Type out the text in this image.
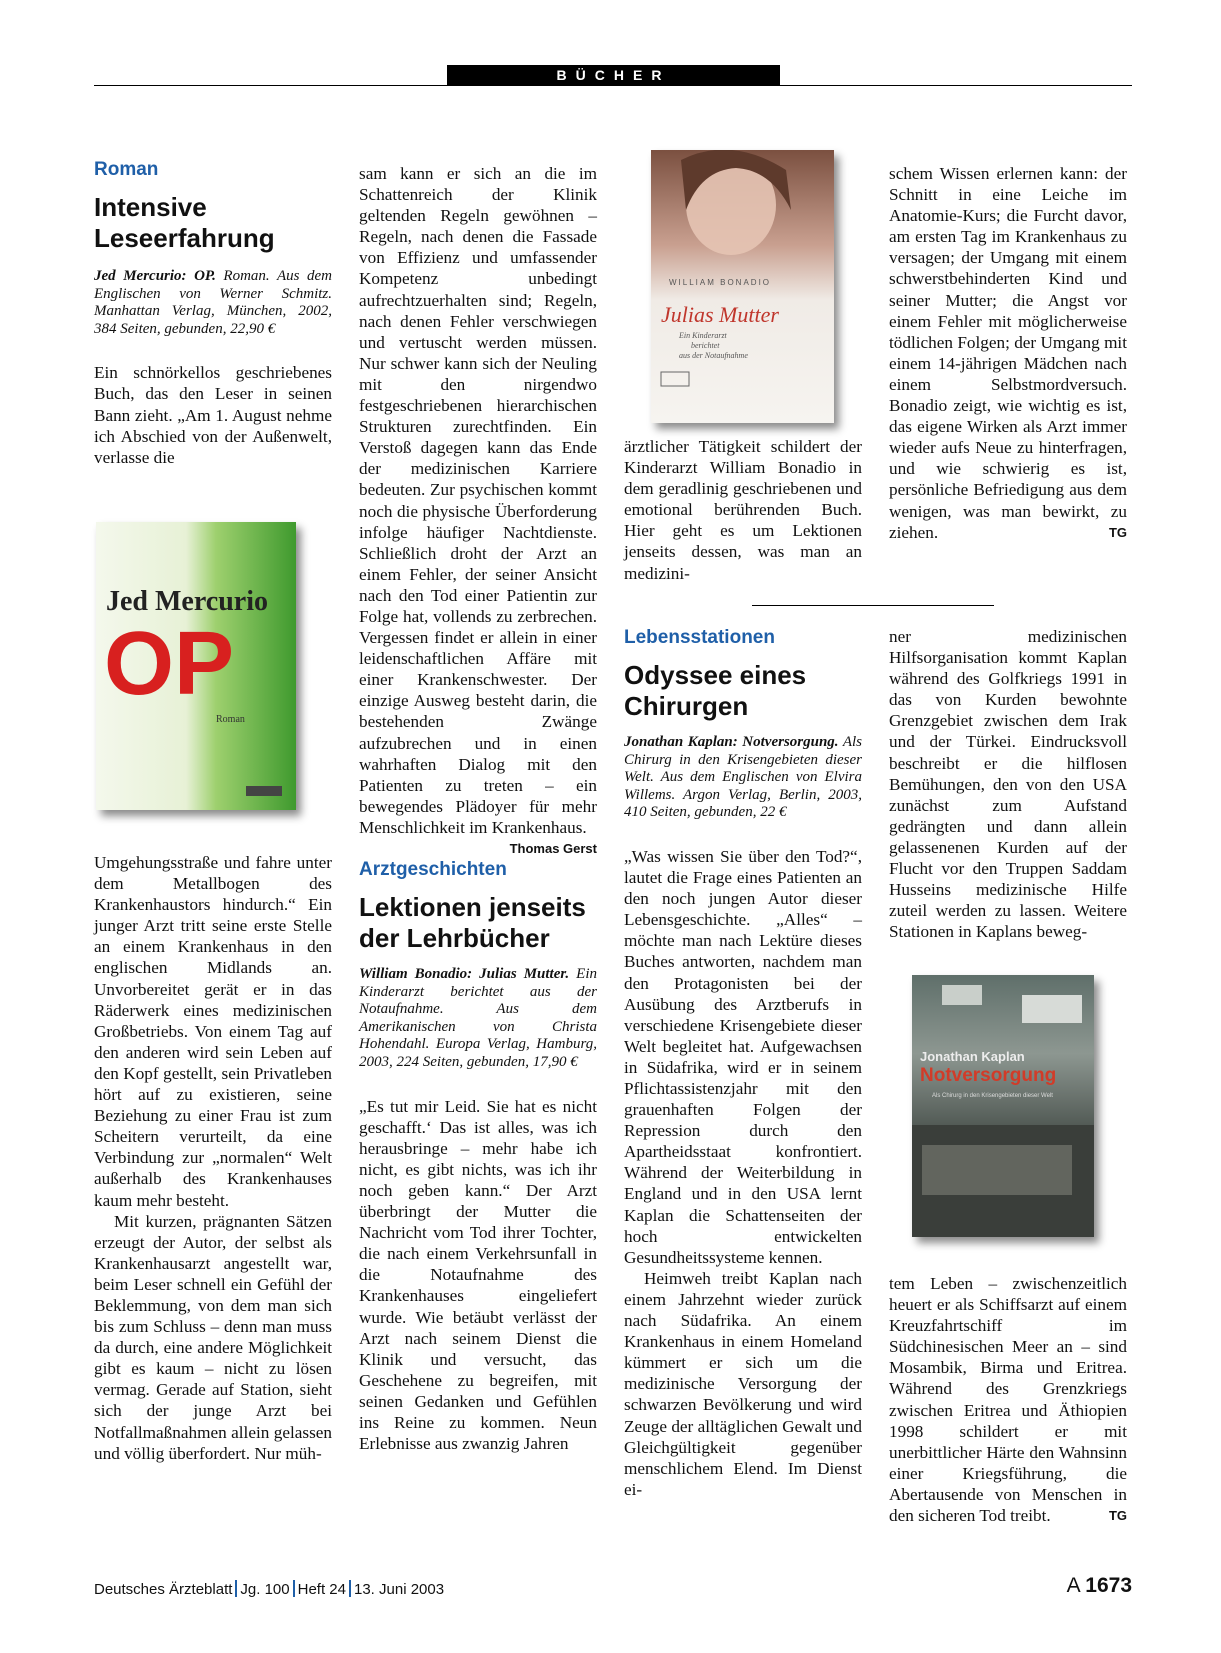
BÜCHER
Roman
Intensive
Leseerfahrung
Jed Mercurio: OP. Roman. Aus dem Englischen von Werner Schmitz. Manhattan Verlag, München, 2002, 384 Seiten, gebunden, 22,90 €

Ein schnörkellos geschriebenes Buch, das den Leser in seinen Bann zieht. „Am 1. August nehme ich Abschied von der Außenwelt, verlasse die

Jed Mercurio
OP
Roman

Umgehungsstraße und fahre unter dem Metallbogen des Krankenhaustors hindurch.“ Ein junger Arzt tritt seine erste Stelle an einem Krankenhaus in den englischen Midlands an. Unvorbereitet gerät er in das Räderwerk eines medizinischen Großbetriebs. Von einem Tag auf den anderen wird sein Leben auf den Kopf gestellt, sein Privatleben hört auf zu existieren, seine Beziehung zu einer Frau ist zum Scheitern verurteilt, da eine Verbindung zur „normalen“ Welt außerhalb des Krankenhauses kaum mehr besteht.

Mit kurzen, prägnanten Sätzen erzeugt der Autor, der selbst als Krankenhausarzt angestellt war, beim Leser schnell ein Gefühl der Beklemmung, von dem man sich bis zum Schluss – denn man muss da durch, eine andere Möglichkeit gibt es kaum – nicht zu lösen vermag. Gerade auf Station, sieht sich der junge Arzt bei Notfallmaßnahmen allein gelassen und völlig überfordert. Nur müh-

sam kann er sich an die im Schattenreich der Klinik geltenden Regeln gewöhnen – Regeln, nach denen die Fassade von Effizienz und umfassender Kompetenz unbedingt aufrechtzuerhalten sind; Regeln, nach denen Fehler verschwiegen und vertuscht werden müssen. Nur schwer kann sich der Neuling mit den nirgendwo festgeschriebenen hierarchischen Strukturen zurechtfinden. Ein Verstoß dagegen kann das Ende der medizinischen Karriere bedeuten. Zur psychischen kommt noch die physische Überforderung infolge häufiger Nachtdienste. Schließlich droht der Arzt an einem Fehler, der seiner Ansicht nach den Tod einer Patientin zur Folge hat, vollends zu zerbrechen. Vergessen findet er allein in einer leidenschaftlichen Affäre mit einer Krankenschwester. Der einzige Ausweg besteht darin, die bestehenden Zwänge aufzubrechen und in einen wahrhaften Dialog mit den Patienten zu treten – ein bewegendes Plädoyer für mehr Menschlichkeit im Krankenhaus.
Thomas Gerst

Arztgeschichten
Lektionen jenseits
der Lehrbücher
William Bonadio: Julias Mutter. Ein Kinderarzt berichtet aus der Notaufnahme. Aus dem Amerikanischen von Christa Hohendahl. Europa Verlag, Hamburg, 2003, 224 Seiten, gebunden, 17,90 €

„Es tut mir Leid. Sie hat es nicht geschafft.‘ Das ist alles, was ich herausbringe – mehr habe ich nicht, es gibt nichts, was ich ihr noch geben kann.“ Der Arzt überbringt der Mutter die Nachricht vom Tod ihrer Tochter, die nach einem Verkehrsunfall in die Notaufnahme des Krankenhauses eingeliefert wurde. Wie betäubt verlässt der Arzt nach seinem Dienst die Klinik und versucht, das Geschehene zu begreifen, mit seinen Gedanken und Gefühlen ins Reine zu kommen. Neun Erlebnisse aus zwanzig Jahren

WILLIAM BONADIO
Julias Mutter
Ein Kinderarzt
berichtet
aus der Notaufnahme

ärztlicher Tätigkeit schildert der Kinderarzt William Bonadio in dem geradlinig geschriebenen und emotional berührenden Buch. Hier geht es um Lektionen jenseits dessen, was man an medizini-

Lebensstationen
Odyssee eines
Chirurgen
Jonathan Kaplan: Notversorgung. Als Chirurg in den Krisengebieten dieser Welt. Aus dem Englischen von Elvira Willems. Argon Verlag, Berlin, 2003, 410 Seiten, gebunden, 22 €

„Was wissen Sie über den Tod?“, lautet die Frage eines Patienten an den noch jungen Autor dieser Lebensgeschichte. „Alles“ – möchte man nach Lektüre dieses Buches antworten, nachdem man den Protagonisten bei der Ausübung des Arztberufs in verschiedene Krisengebiete dieser Welt begleitet hat. Aufgewachsen in Südafrika, wird er in seinem Pflichtassistenzjahr mit den grauenhaften Folgen der Repression durch den Apartheidsstaat konfrontiert. Während der Weiterbildung in England und in den USA lernt Kaplan die Schattenseiten der hoch entwickelten Gesundheitssysteme kennen.

Heimweh treibt Kaplan nach einem Jahrzehnt wieder zurück nach Südafrika. An einem Krankenhaus in einem Homeland kümmert er sich um die medizinische Versorgung der schwarzen Bevölkerung und wird Zeuge der alltäglichen Gewalt und Gleichgültigkeit gegenüber menschlichem Elend. Im Dienst ei-

schem Wissen erlernen kann: der Schnitt in eine Leiche im Anatomie-Kurs; die Furcht davor, am ersten Tag im Krankenhaus zu versagen; der Umgang mit einem schwerstbehinderten Kind und seiner Mutter; die Angst vor einem Fehler mit möglicherweise tödlichen Folgen; der Umgang mit einem 14-jährigen Mädchen nach einem Selbstmordversuch. Bonadio zeigt, wie wichtig es ist, das eigene Wirken als Arzt immer wieder aufs Neue zu hinterfragen, und wie schwierig es ist, persönliche Befriedigung aus dem wenigen, was man bewirkt, zu ziehen.	TG

ner medizinischen Hilfsorganisation kommt Kaplan während des Golfkriegs 1991 in das von Kurden bewohnte Grenzgebiet zwischen dem Irak und der Türkei. Eindrucksvoll beschreibt er die hilflosen Bemühungen, den von den USA zunächst zum Aufstand gedrängten und dann allein gelassenenen Kurden auf der Flucht vor den Truppen Saddam Husseins medizinische Hilfe zuteil werden zu lassen. Weitere Stationen in Kaplans beweg-

Jonathan Kaplan
Notversorgung
Als Chirurg in den Krisengebieten dieser Welt

tem Leben – zwischenzeitlich heuert er als Schiffsarzt auf einem Kreuzfahrtschiff im Südchinesischen Meer an – sind Mosambik, Birma und Eritrea. Während des Grenzkriegs zwischen Eritrea und Äthiopien 1998 schildert er mit unerbittlicher Härte den Wahnsinn einer Kriegsführung, die Abertausende von Menschen in den sicheren Tod treibt.	TG

Deutsches Ärzteblatt Jg. 100 Heft 24 13. Juni 2003	A 1673
